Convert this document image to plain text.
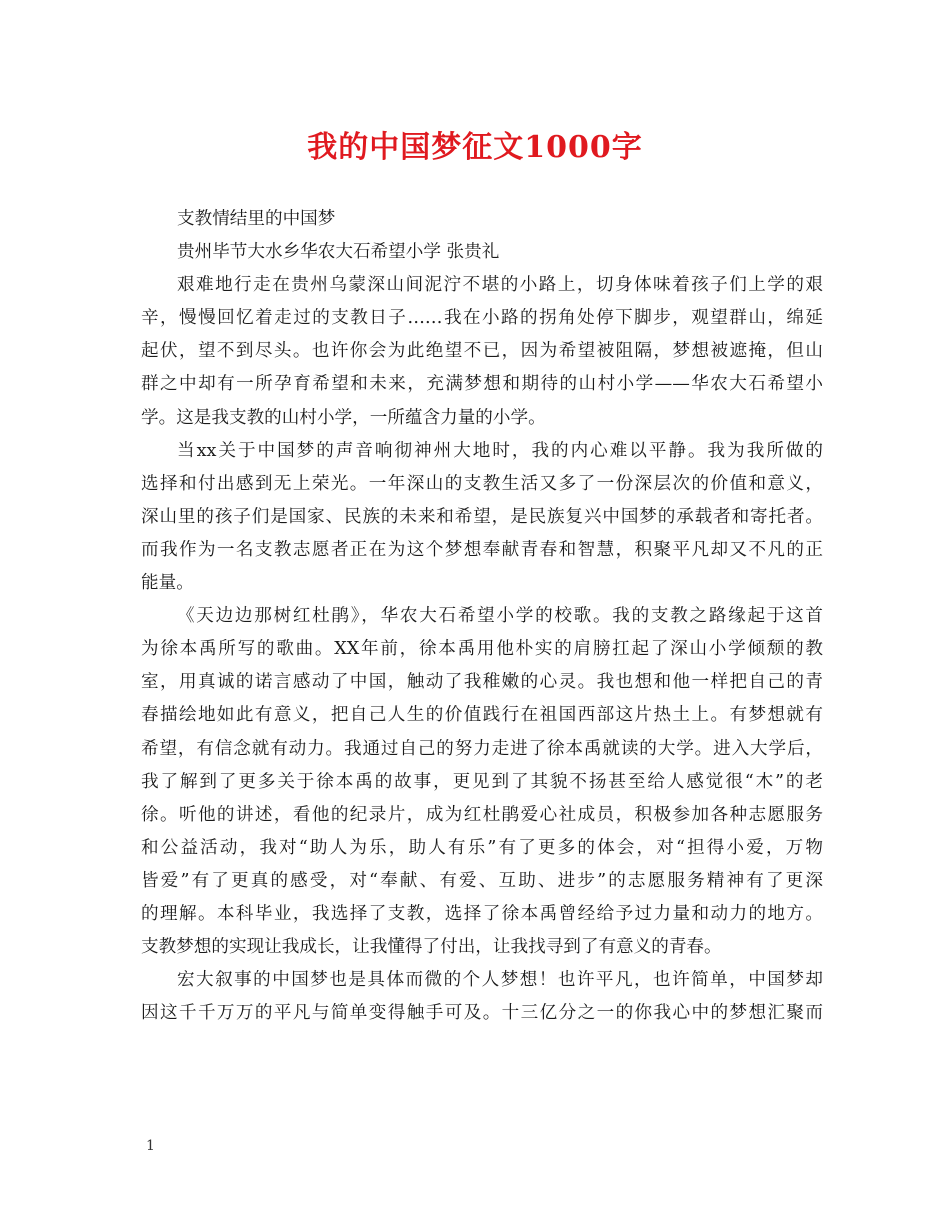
我的中国梦征文1000字
支教情结里的中国梦
贵州毕节大水乡华农大石希望小学 张贵礼
艰难地行走在贵州乌蒙深山间泥泞不堪的小路上，切身体味着孩子们上学的艰
辛，慢慢回忆着走过的支教日子……我在小路的拐角处停下脚步，观望群山，绵延
起伏，望不到尽头。也许你会为此绝望不已，因为希望被阻隔，梦想被遮掩，但山
群之中却有一所孕育希望和未来，充满梦想和期待的山村小学——华农大石希望小
学。这是我支教的山村小学，一所蕴含力量的小学。
当xx关于中国梦的声音响彻神州大地时，我的内心难以平静。我为我所做的
选择和付出感到无上荣光。一年深山的支教生活又多了一份深层次的价值和意义，
深山里的孩子们是国家、民族的未来和希望，是民族复兴中国梦的承载者和寄托者。
而我作为一名支教志愿者正在为这个梦想奉献青春和智慧，积聚平凡却又不凡的正
能量。
《天边边那树红杜鹃》，华农大石希望小学的校歌。我的支教之路缘起于这首
为徐本禹所写的歌曲。XX年前，徐本禹用他朴实的肩膀扛起了深山小学倾颓的教
室，用真诚的诺言感动了中国，触动了我稚嫩的心灵。我也想和他一样把自己的青
春描绘地如此有意义，把自己人生的价值践行在祖国西部这片热土上。有梦想就有
希望，有信念就有动力。我通过自己的努力走进了徐本禹就读的大学。进入大学后，
我了解到了更多关于徐本禹的故事，更见到了其貌不扬甚至给人感觉很“木”的老
徐。听他的讲述，看他的纪录片，成为红杜鹃爱心社成员，积极参加各种志愿服务
和公益活动，我对“助人为乐，助人有乐”有了更多的体会，对“担得小爱，万物
皆爱”有了更真的感受，对“奉献、有爱、互助、进步”的志愿服务精神有了更深
的理解。本科毕业，我选择了支教，选择了徐本禹曾经给予过力量和动力的地方。
支教梦想的实现让我成长，让我懂得了付出，让我找寻到了有意义的青春。
宏大叙事的中国梦也是具体而微的个人梦想！也许平凡，也许简单，中国梦却
因这千千万万的平凡与简单变得触手可及。十三亿分之一的你我心中的梦想汇聚而
1
